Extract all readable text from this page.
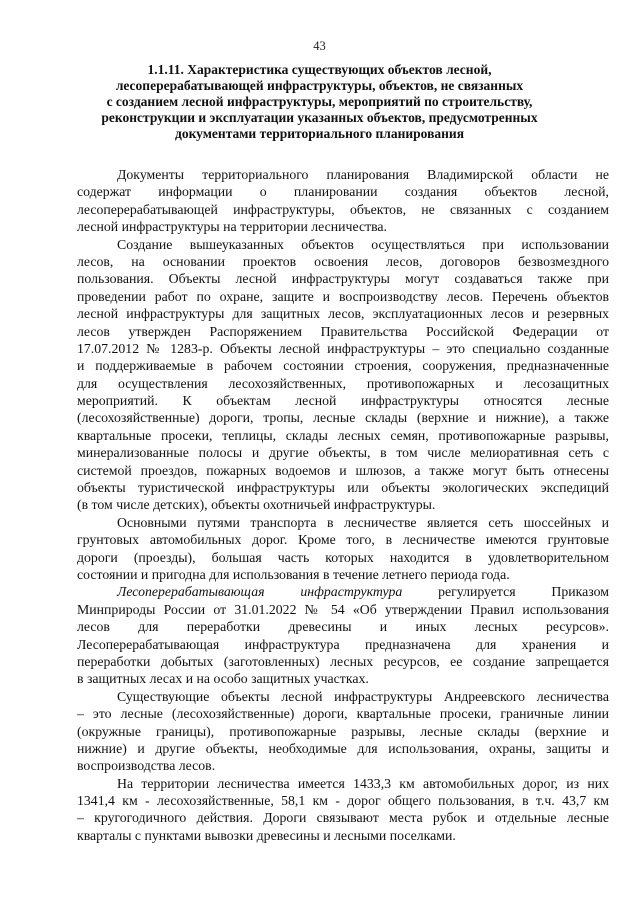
43
1.1.11. Характеристика существующих объектов лесной,
лесоперерабатывающей инфраструктуры, объектов, не связанных
с созданием лесной инфраструктуры, мероприятий по строительству,
реконструкции и эксплуатации указанных объектов, предусмотренных
документами территориального планирования

Документы территориального планирования Владимирской области не
содержат информации о планировании создания объектов лесной,
лесоперерабатывающей инфраструктуры, объектов, не связанных с созданием
лесной инфраструктуры на территории лесничества.

Создание вышеуказанных объектов осуществляться при использовании
лесов, на основании проектов освоения лесов, договоров безвозмездного
пользования. Объекты лесной инфраструктуры могут создаваться также при
проведении работ по охране, защите и воспроизводству лесов. Перечень объектов
лесной инфраструктуры для защитных лесов, эксплуатационных лесов и резервных
лесов утвержден Распоряжением Правительства Российской Федерации от
17.07.2012 № 1283-р. Объекты лесной инфраструктуры – это специально созданные
и поддерживаемые в рабочем состоянии строения, сооружения, предназначенные
для осуществления лесохозяйственных, противопожарных и лесозащитных
мероприятий. К объектам лесной инфраструктуры относятся лесные
(лесохозяйственные) дороги, тропы, лесные склады (верхние и нижние), а также
квартальные просеки, теплицы, склады лесных семян, противопожарные разрывы,
минерализованные полосы и другие объекты, в том числе мелиоративная сеть с
системой проездов, пожарных водоемов и шлюзов, а также могут быть отнесены
объекты туристической инфраструктуры или объекты экологических экспедиций
(в том числе детских), объекты охотничьей инфраструктуры.

Основными путями транспорта в лесничестве является сеть шоссейных и
грунтовых автомобильных дорог. Кроме того, в лесничестве имеются грунтовые
дороги (проезды), большая часть которых находится в удовлетворительном
состоянии и пригодна для использования в течение летнего периода года.

Лесоперерабатывающая инфраструктура регулируется Приказом
Минприроды России от 31.01.2022 № 54 «Об утверждении Правил использования
лесов для переработки древесины и иных лесных ресурсов».
Лесоперерабатывающая инфраструктура предназначена для хранения и
переработки добытых (заготовленных) лесных ресурсов, ее создание запрещается
в защитных лесах и на особо защитных участках.

Существующие объекты лесной инфраструктуры Андреевского лесничества
– это лесные (лесохозяйственные) дороги, квартальные просеки, граничные линии
(окружные границы), противопожарные разрывы, лесные склады (верхние и
нижние) и другие объекты, необходимые для использования, охраны, защиты и
воспроизводства лесов.

На территории лесничества имеется 1433,3 км автомобильных дорог, из них
1341,4 км - лесохозяйственные, 58,1 км - дорог общего пользования, в т.ч. 43,7 км
– кругогодичного действия. Дороги связывают места рубок и отдельные лесные
кварталы с пунктами вывозки древесины и лесными поселками.
